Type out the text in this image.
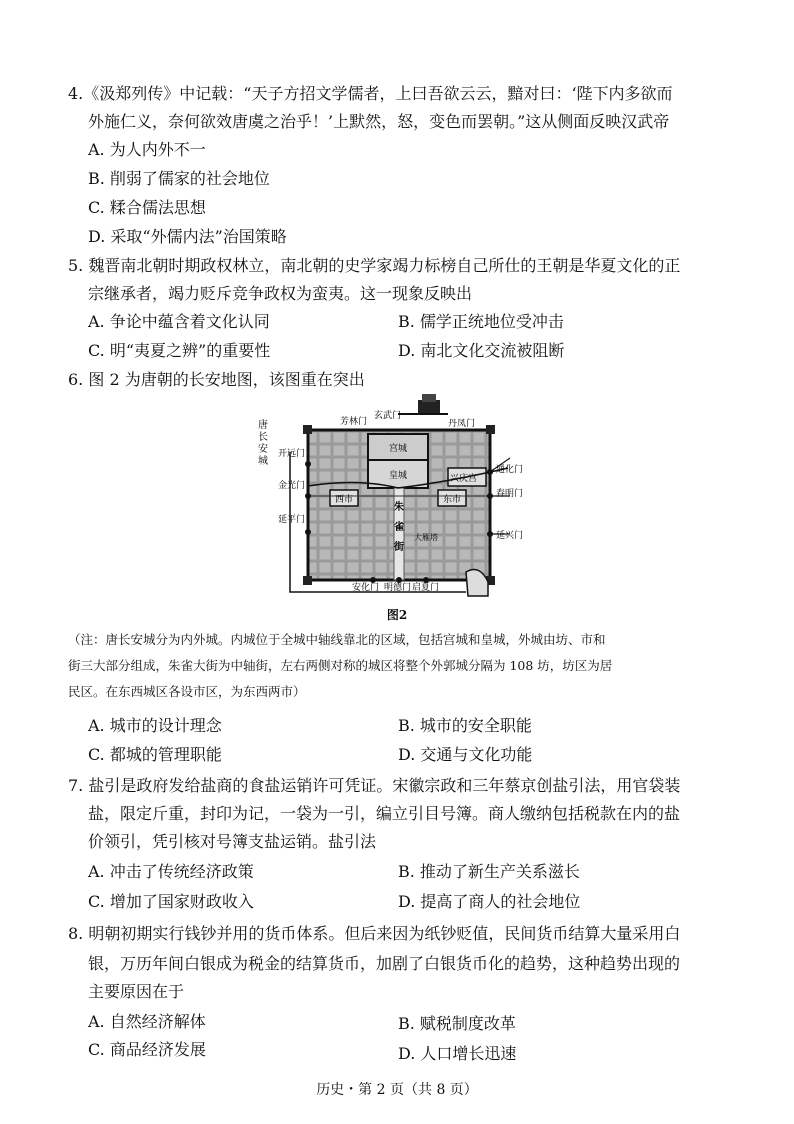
4.《汲郑列传》中记载：“天子方招文学儒者，上曰吾欲云云，黯对曰：‘陛下内多欲而
外施仁义，奈何欲效唐虞之治乎！’上默然，怒，变色而罢朝。”这从侧面反映汉武帝
A. 为人内外不一
B. 削弱了儒家的社会地位
C. 糅合儒法思想
D. 采取“外儒内法”治国策略
5. 魏晋南北朝时期政权林立，南北朝的史学家竭力标榜自己所仕的王朝是华夏文化的正
宗继承者，竭力贬斥竞争政权为蛮夷。这一现象反映出
A. 争论中蕴含着文化认同	B. 儒学正统地位受冲击
C. 明“夷夏之辨”的重要性	D. 南北文化交流被阻断
6. 图 2 为唐朝的长安地图，该图重在突出
唐
长
安
城
芳林门
玄武门
丹凤门
开远门
金光门
延平门
通化门
春明门
延兴门
安化门 明德门 启夏门
宫城
皇城	兴庆宫
西市	东市
朱
雀
街
大雁塔
图2
（注：唐长安城分为内外城。内城位于全城中轴线靠北的区域，包括宫城和皇城，外城由坊、市和
街三大部分组成，朱雀大街为中轴街，左右两侧对称的城区将整个外郭城分隔为 108 坊，坊区为居
民区。在东西城区各设市区，为东西两市）
A. 城市的设计理念	B. 城市的安全职能
C. 都城的管理职能	D. 交通与文化功能
7. 盐引是政府发给盐商的食盐运销许可凭证。宋徽宗政和三年蔡京创盐引法，用官袋装
盐，限定斤重，封印为记，一袋为一引，编立引目号簿。商人缴纳包括税款在内的盐
价领引，凭引核对号簿支盐运销。盐引法
A. 冲击了传统经济政策	B. 推动了新生产关系滋长
C. 增加了国家财政收入	D. 提高了商人的社会地位
8. 明朝初期实行钱钞并用的货币体系。但后来因为纸钞贬值，民间货币结算大量采用白
银，万历年间白银成为税金的结算货币，加剧了白银货币化的趋势，这种趋势出现的
主要原因在于
A. 自然经济解体	B. 赋税制度改革
C. 商品经济发展	D. 人口增长迅速
历史・第 2 页（共 8 页）
